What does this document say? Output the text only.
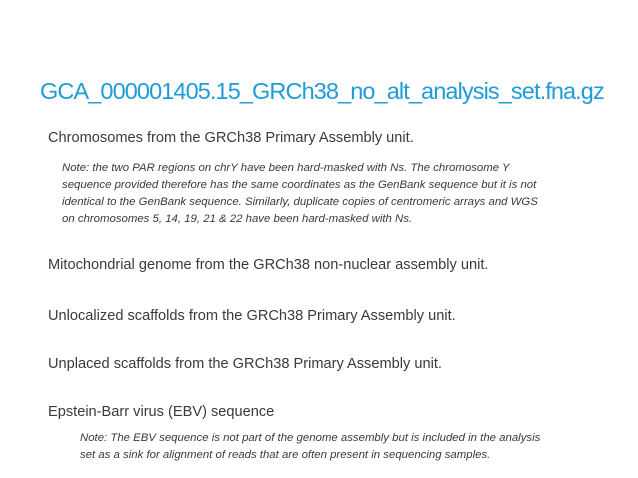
GCA_000001405.15_GRCh38_no_alt_analysis_set.fna.gz
Chromosomes from the GRCh38 Primary Assembly unit.
Note: the two PAR regions on chrY have been hard-masked with Ns. The chromosome Y
sequence provided therefore has the same coordinates as the GenBank sequence but it is not
identical to the GenBank sequence. Similarly, duplicate copies of centromeric arrays and WGS
on chromosomes 5, 14, 19, 21 & 22 have been hard-masked with Ns.
Mitochondrial genome from the GRCh38 non-nuclear assembly unit.
Unlocalized scaffolds from the GRCh38 Primary Assembly unit.
Unplaced scaffolds from the GRCh38 Primary Assembly unit.
Epstein-Barr virus (EBV) sequence
Note: The EBV sequence is not part of the genome assembly but is included in the analysis
set as a sink for alignment of reads that are often present in sequencing samples.
